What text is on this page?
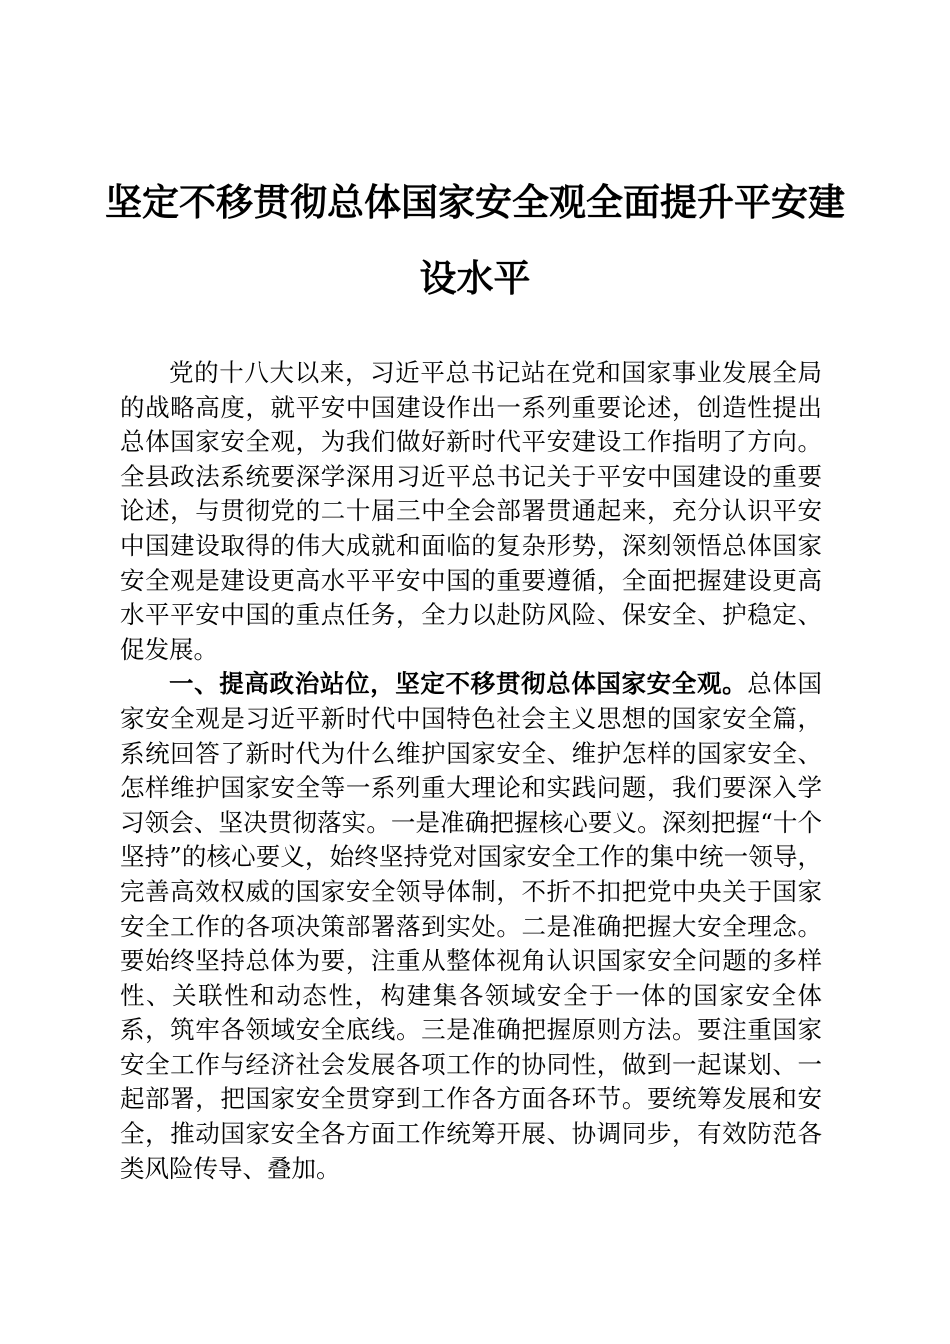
坚定不移贯彻总体国家安全观全面提升平安建设水平

党的十八大以来，习近平总书记站在党和国家事业发展全局的战略高度，就平安中国建设作出一系列重要论述，创造性提出总体国家安全观，为我们做好新时代平安建设工作指明了方向。全县政法系统要深学深用习近平总书记关于平安中国建设的重要论述，与贯彻党的二十届三中全会部署贯通起来，充分认识平安中国建设取得的伟大成就和面临的复杂形势，深刻领悟总体国家安全观是建设更高水平平安中国的重要遵循，全面把握建设更高水平平安中国的重点任务，全力以赴防风险、保安全、护稳定、促发展。

一、提高政治站位，坚定不移贯彻总体国家安全观。总体国家安全观是习近平新时代中国特色社会主义思想的国家安全篇，系统回答了新时代为什么维护国家安全、维护怎样的国家安全、怎样维护国家安全等一系列重大理论和实践问题，我们要深入学习领会、坚决贯彻落实。一是准确把握核心要义。深刻把握“十个坚持”的核心要义，始终坚持党对国家安全工作的集中统一领导，完善高效权威的国家安全领导体制，不折不扣把党中央关于国家安全工作的各项决策部署落到实处。二是准确把握大安全理念。要始终坚持总体为要，注重从整体视角认识国家安全问题的多样性、关联性和动态性，构建集各领域安全于一体的国家安全体系，筑牢各领域安全底线。三是准确把握原则方法。要注重国家安全工作与经济社会发展各项工作的协同性，做到一起谋划、一起部署，把国家安全贯穿到工作各方面各环节。要统筹发展和安全，推动国家安全各方面工作统筹开展、协调同步，有效防范各类风险传导、叠加。
